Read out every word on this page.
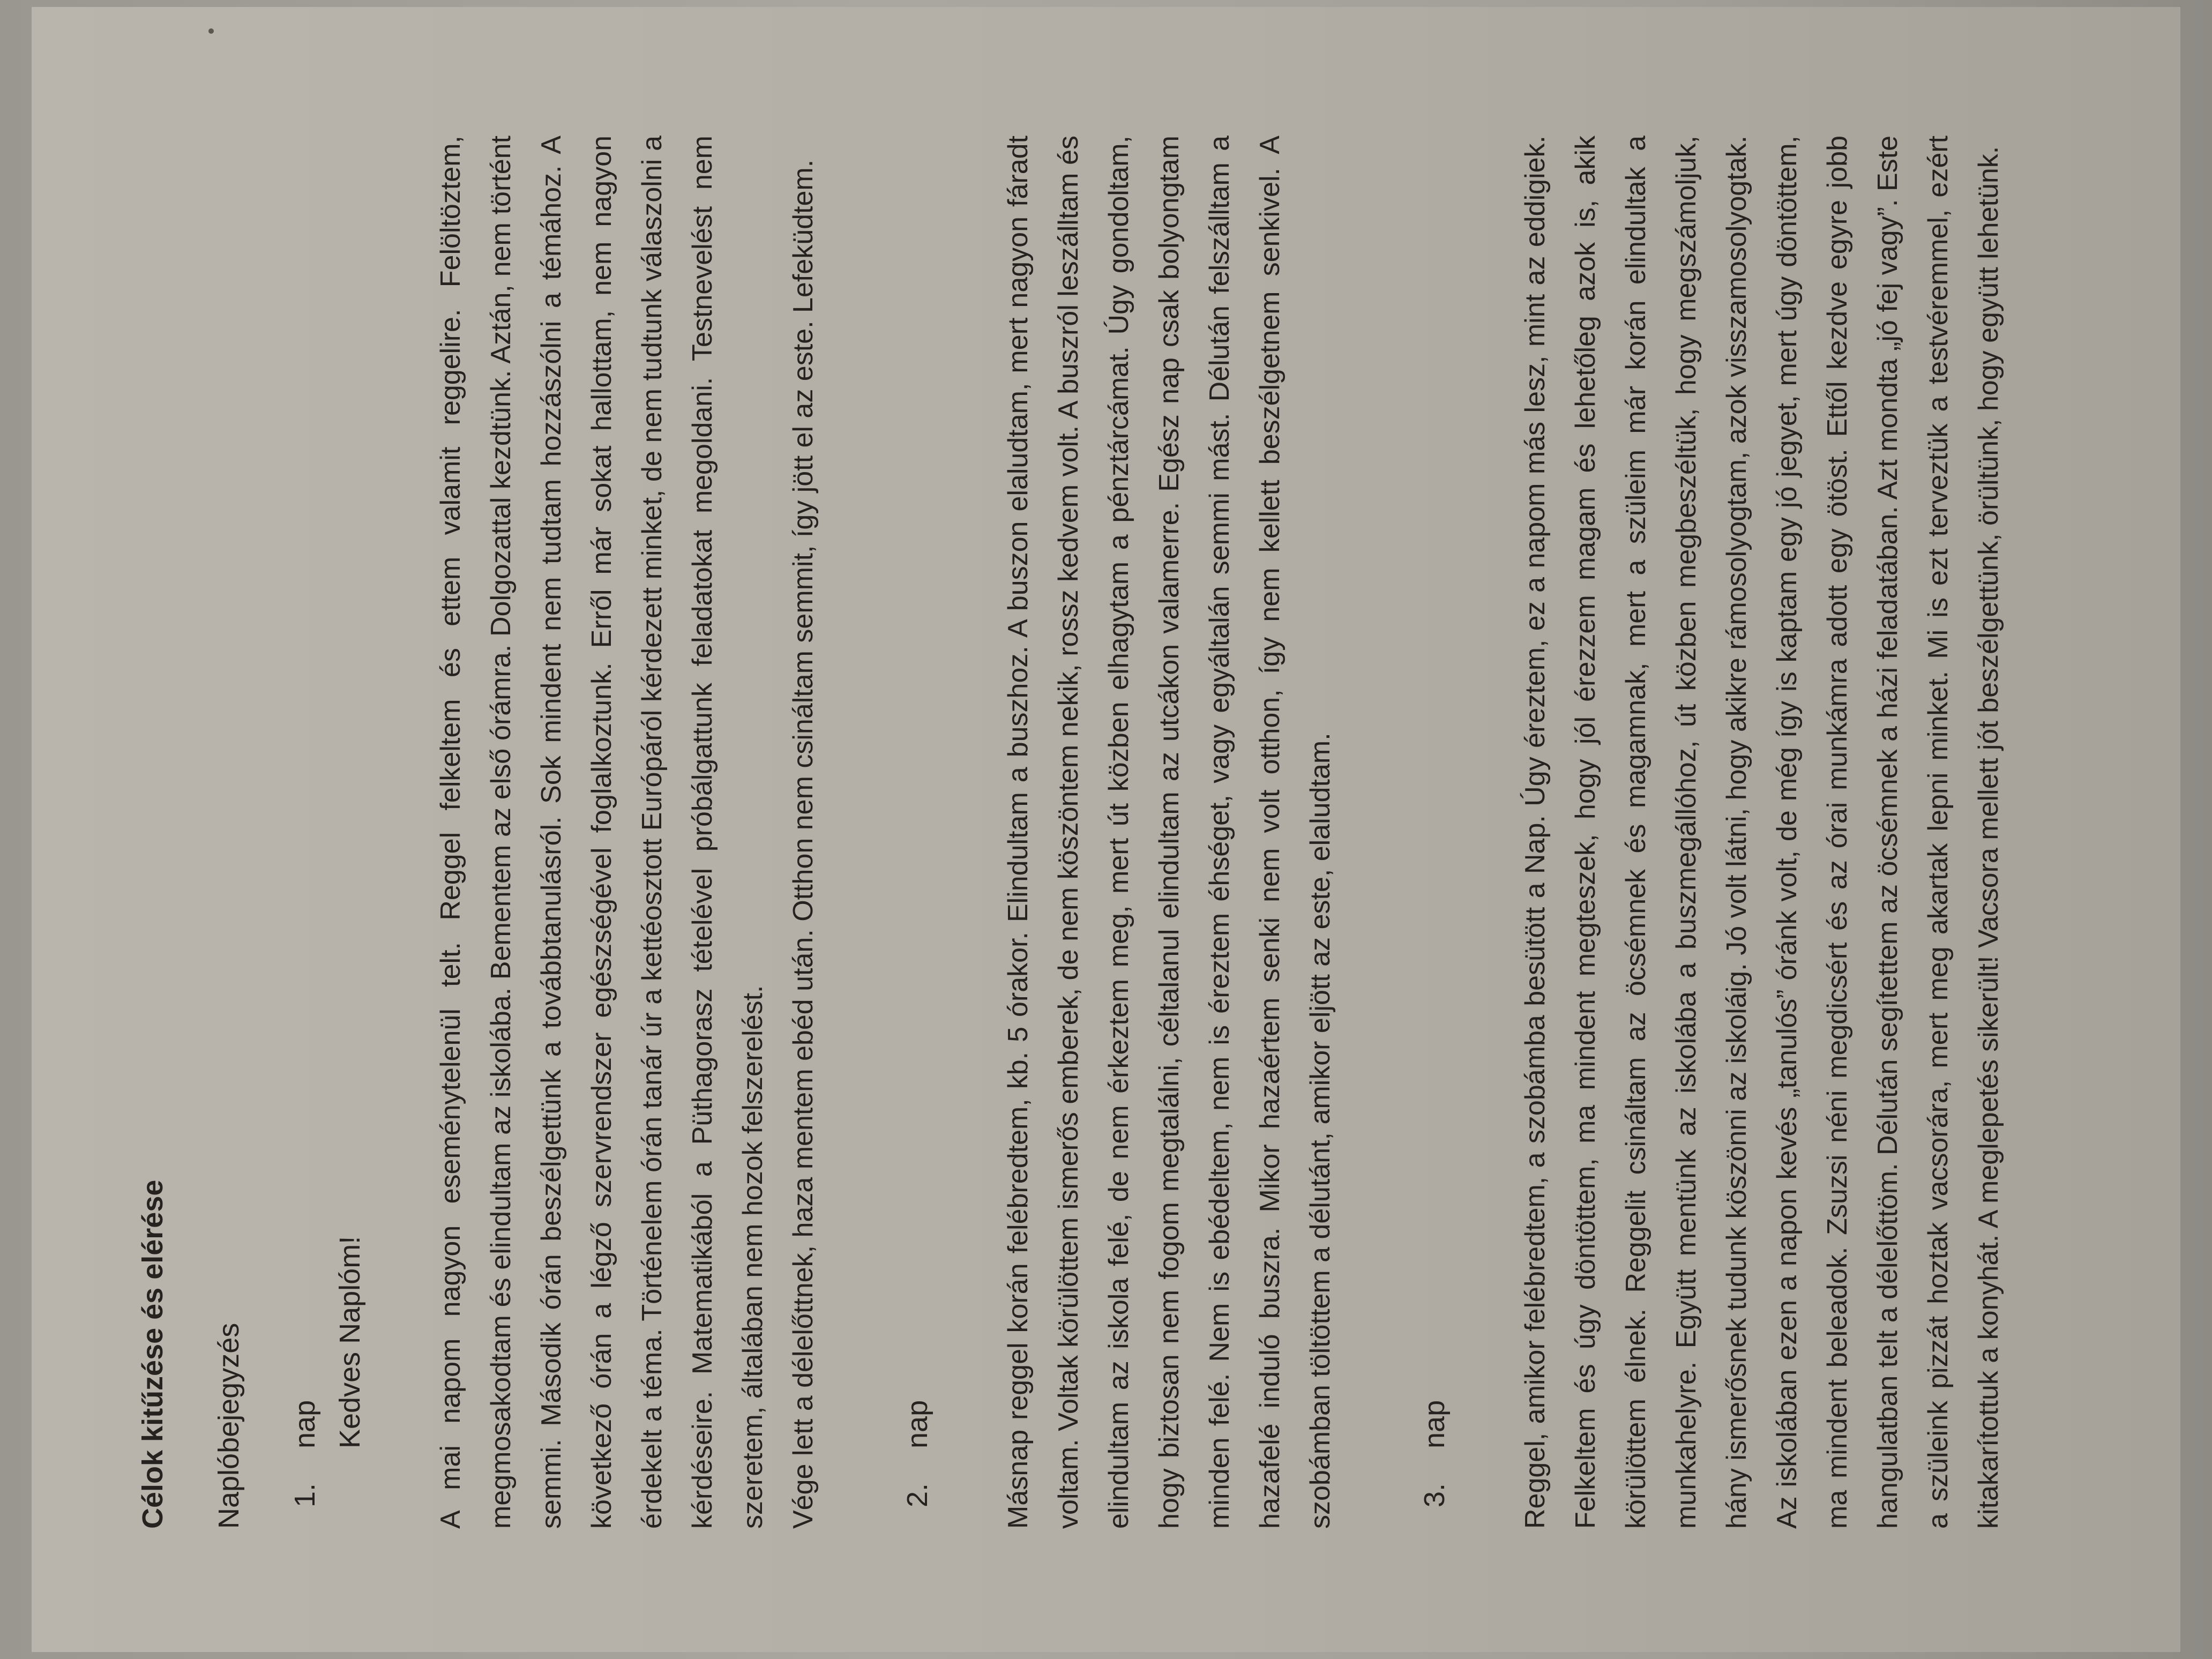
Célok kitűzése és elérése Naplóbejegyzés 1.
nap Kedves Naplóm!	A mai napom nagyon eseménytelenül telt. Reggel felkeltem és ettem valamit reggelire. Felöltöztem, megmosakodtam és elindultam az iskolába. Bementem az első órámra. Dolgozattal kezdtünk. Aztán, nem történt semmi. Második órán beszélgettünk a továbbtanulásról. Sok mindent nem tudtam hozzászólni a témához. A következő órán a légző szervrendszer egészségével foglalkoztunk. Erről már sokat hallottam, nem nagyon érdekelt a téma. Történelem órán tanár úr a kettéosztott Európáról kérdezett minket, de nem tudtunk válaszolni a kérdéseire. Matematikából a Püthagorasz tételével próbálgattunk feladatokat megoldani. Testnevelést nem szeretem, általában nem hozok felszerelést. Vége lett a délelőttnek, haza mentem ebéd után. Otthon nem csináltam semmit, így jött el az este. Lefeküdtem.	2.
nap	Másnap reggel korán felébredtem, kb. 5 órakor. Elindultam a buszhoz. A buszon elaludtam, mert nagyon fáradt voltam. Voltak körülöttem ismerős emberek, de nem köszöntem nekik, rossz kedvem volt. A buszról leszálltam és elindultam az iskola felé, de nem érkeztem meg, mert út közben elhagytam a pénztárcámat. Úgy gondoltam, hogy biztosan nem fogom megtalálni, céltalanul elindultam az utcákon valamerre. Egész nap csak bolyongtam minden felé. Nem is ebédeltem, nem is éreztem éhséget, vagy egyáltalán semmi mást. Délután felszálltam a hazafelé induló buszra. Mikor hazaértem senki nem volt otthon, így nem kellett beszélgetnem senkivel. A szobámban töltöttem a délutánt, amikor eljött az este, elaludtam.	3.
nap	Reggel, amikor felébredtem, a szobámba besütött a Nap. Úgy éreztem, ez a napom más lesz, mint az eddigiek. Felkeltem és úgy döntöttem, ma mindent megteszek, hogy jól érezzem magam és lehetőleg azok is, akik körülöttem élnek. Reggelit csináltam az öcsémnek és magamnak, mert a szüleim már korán elindultak a munkahelyre. Együtt mentünk az iskolába a buszmegállóhoz, út közben megbeszéltük, hogy megszámoljuk, hány ismerősnek tudunk köszönni az iskoláig. Jó volt látni, hogy akikre rámosolyogtam, azok visszamosolyogtak. Az iskolában ezen a napon kevés „tanulós” óránk volt, de még így is kaptam egy jó jegyet, mert úgy döntöttem, ma mindent beleadok. Zsuzsi néni megdicsért és az órai munkámra adott egy ötöst. Ettől kezdve egyre jobb hangulatban telt a délelőttöm. Délután segítettem az öcsémnek a házi feladatában. Azt mondta „jó fej vagy”. Este a szüleink pizzát hoztak vacsorára, mert meg akartak lepni minket. Mi is ezt terveztük a testvéremmel, ezért kitakarítottuk a konyhát. A meglepetés sikerült! Vacsora mellett jót beszélgettünk, örültünk, hogy együtt lehetünk.
